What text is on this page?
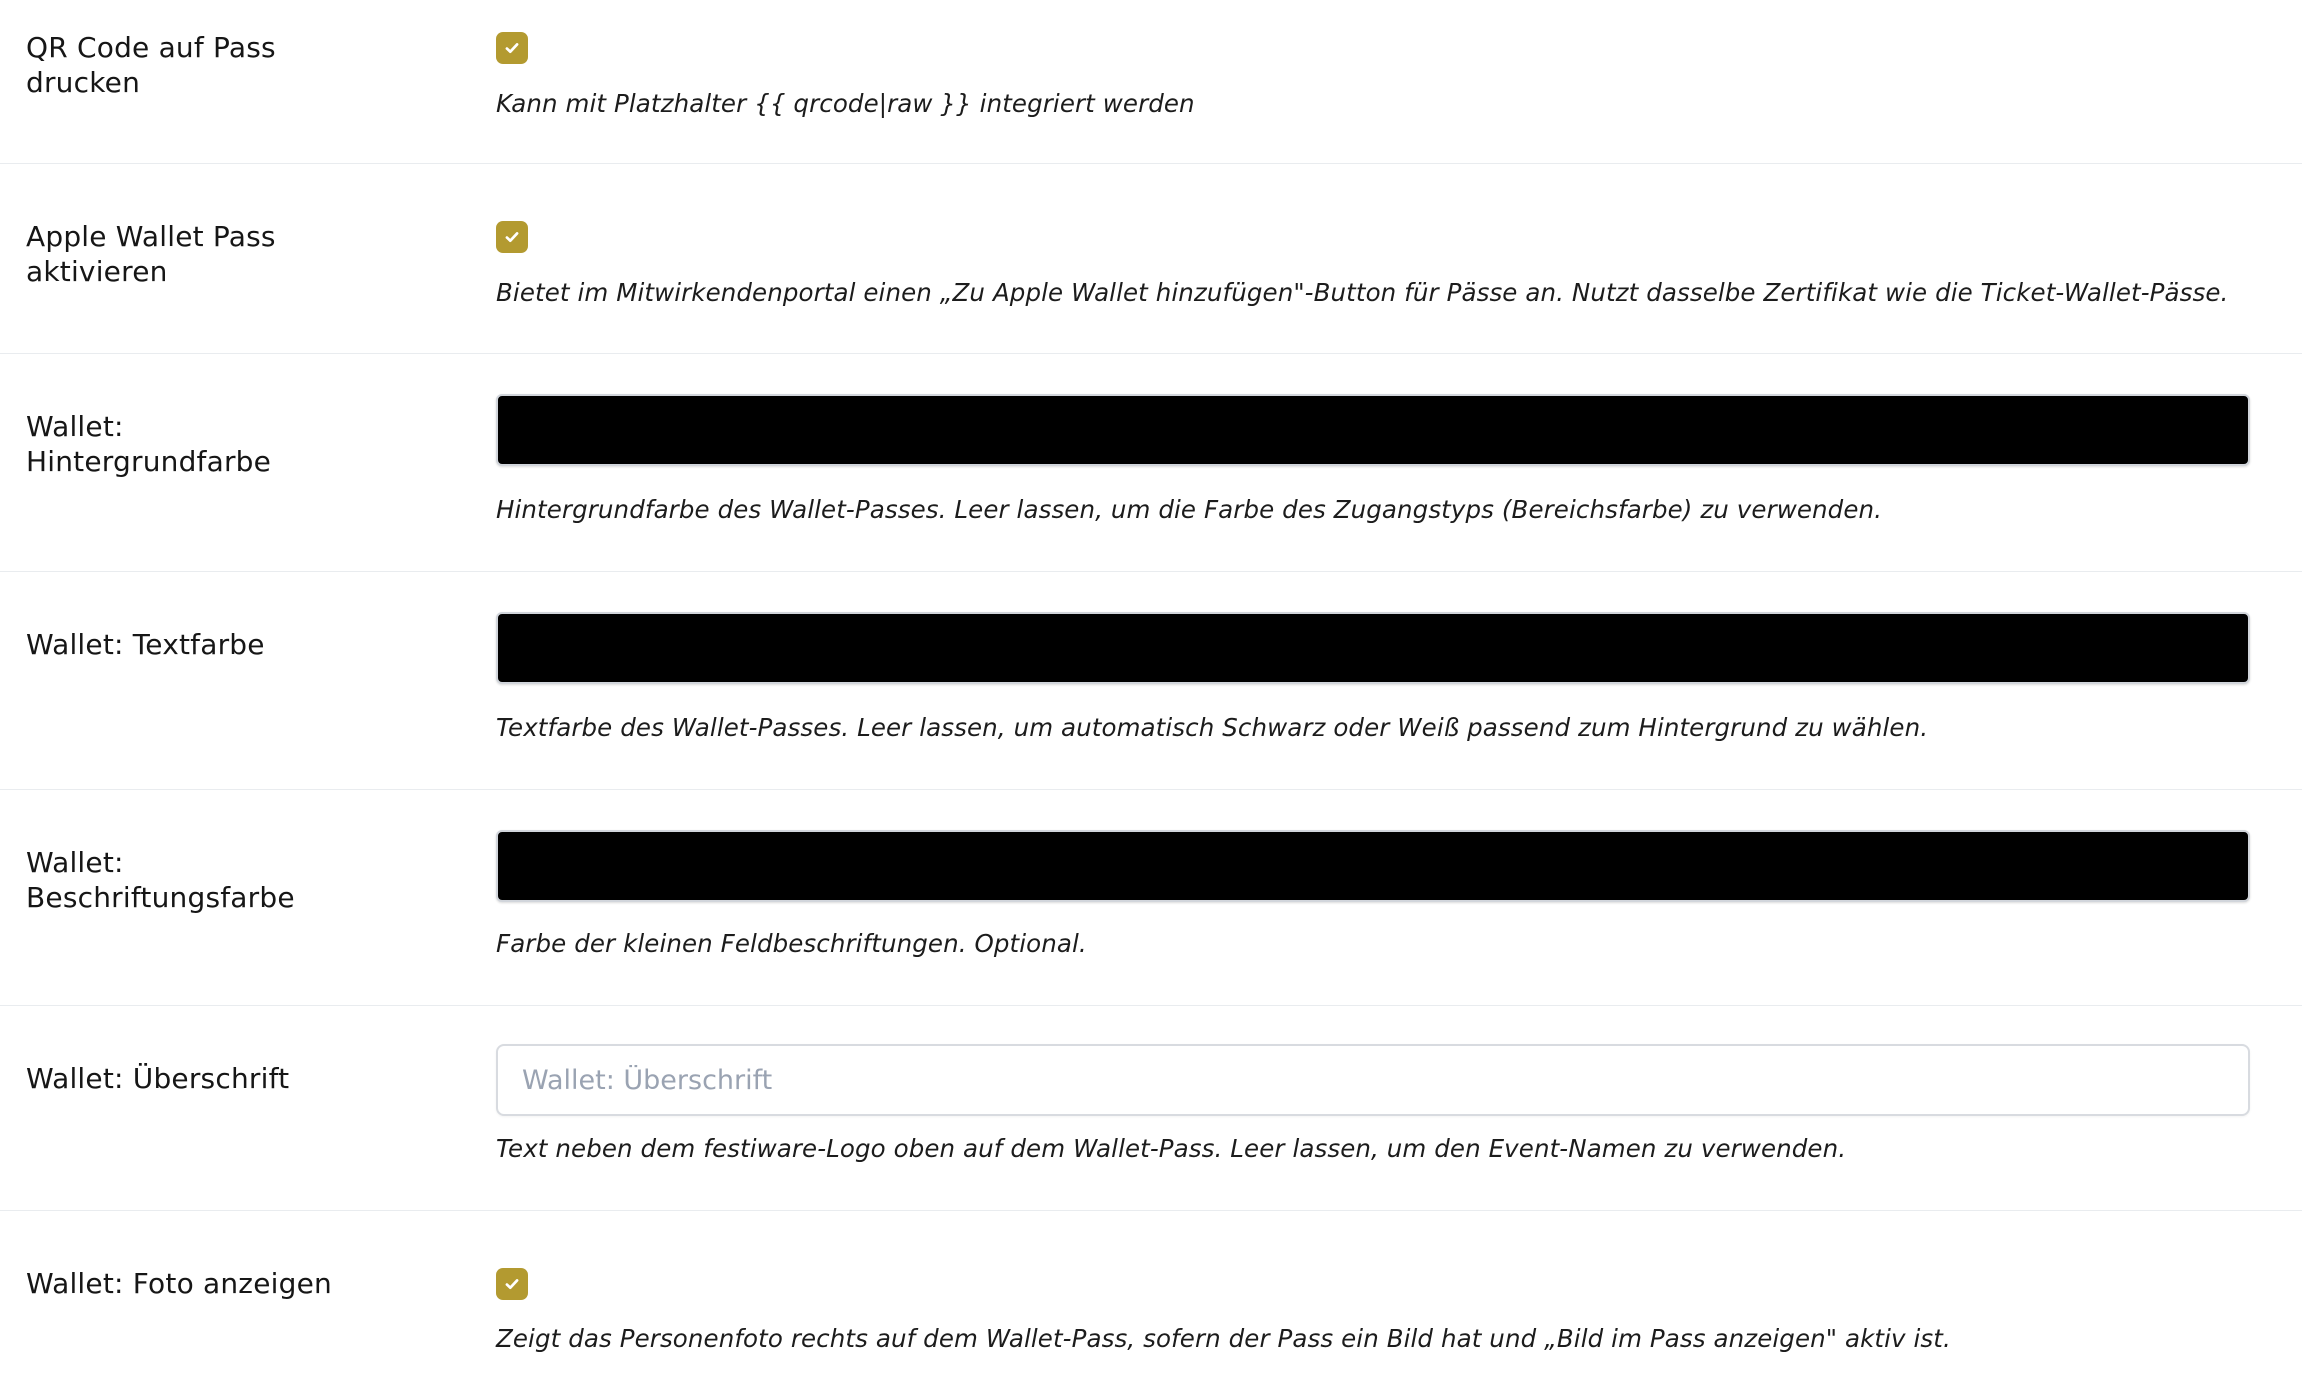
QR Code auf Pass drucken
Kann mit Platzhalter {{ qrcode|raw }} integriert werden
Apple Wallet Pass aktivieren
Bietet im Mitwirkendenportal einen „Zu Apple Wallet hinzufügen"-Button für Pässe an. Nutzt dasselbe Zertifikat wie die Ticket-Wallet-Pässe.
Wallet: Hintergrundfarbe
Hintergrundfarbe des Wallet-Passes. Leer lassen, um die Farbe des Zugangstyps (Bereichsfarbe) zu verwenden.
Wallet: Textfarbe
Textfarbe des Wallet-Passes. Leer lassen, um automatisch Schwarz oder Weiß passend zum Hintergrund zu wählen.
Wallet: Beschriftungsfarbe
Farbe der kleinen Feldbeschriftungen. Optional.
Wallet: Überschrift
Wallet: Überschrift
Text neben dem festiware-Logo oben auf dem Wallet-Pass. Leer lassen, um den Event-Namen zu verwenden.
Wallet: Foto anzeigen
Zeigt das Personenfoto rechts auf dem Wallet-Pass, sofern der Pass ein Bild hat und „Bild im Pass anzeigen" aktiv ist.
